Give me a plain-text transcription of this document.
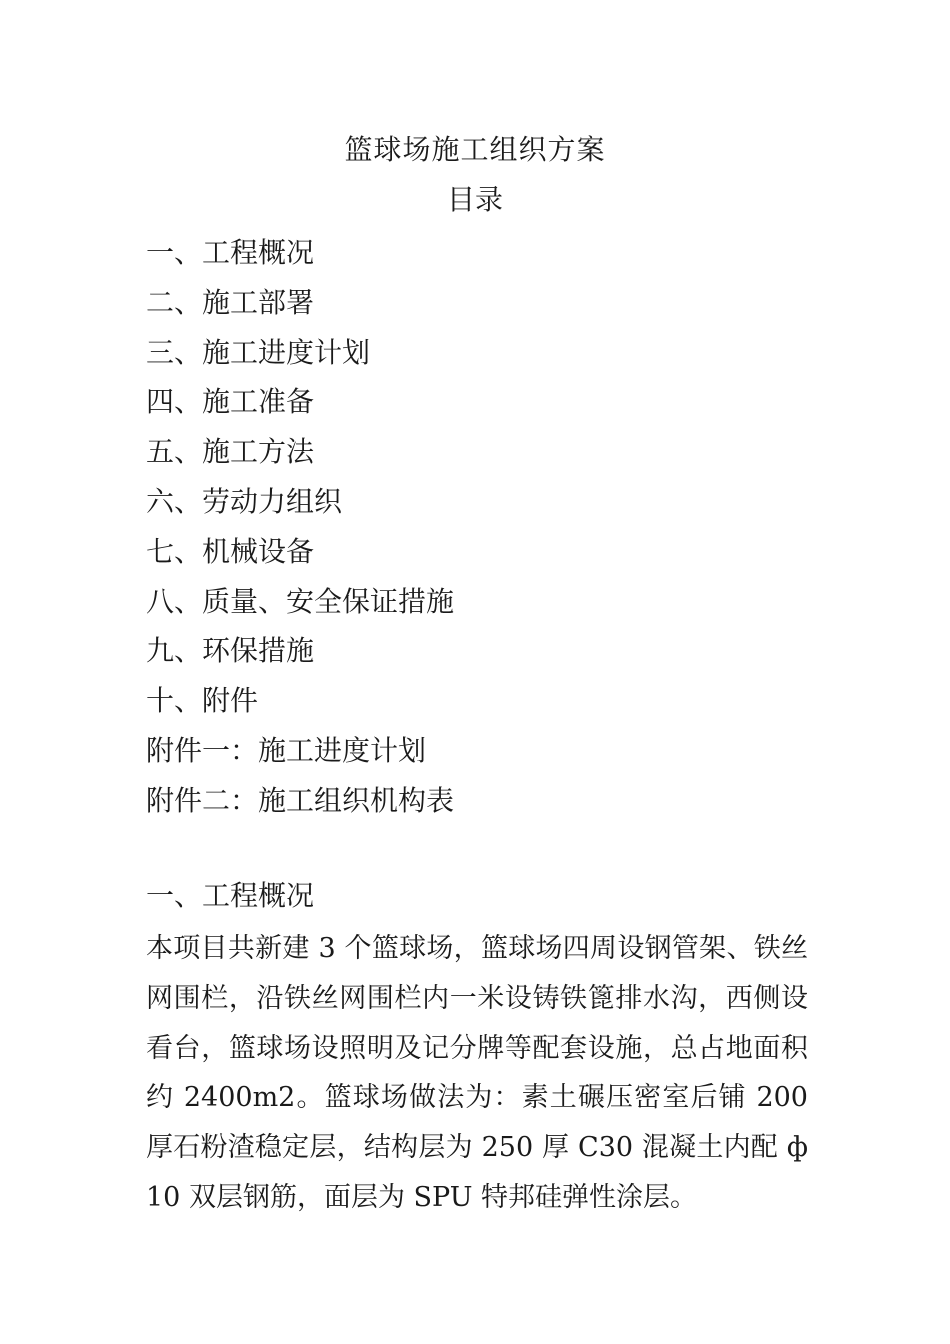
篮球场施工组织方案
目录
一、工程概况
二、施工部署
三、施工进度计划
四、施工准备
五、施工方法
六、劳动力组织
七、机械设备
八、质量、安全保证措施
九、环保措施
十、附件
附件一：施工进度计划
附件二：施工组织机构表
一、工程概况

本项目共新建 3 个篮球场，篮球场四周设钢管架、铁丝网围栏，沿铁丝网围栏内一米设铸铁篦排水沟，西侧设看台，篮球场设照明及记分牌等配套设施，总占地面积约 2400m2。篮球场做法为：素土碾压密室后铺 200 厚石粉渣稳定层，结构层为 250 厚 C30 混凝土内配 ф10 双层钢筋，面层为 SPU 特邦硅弹性涂层。
